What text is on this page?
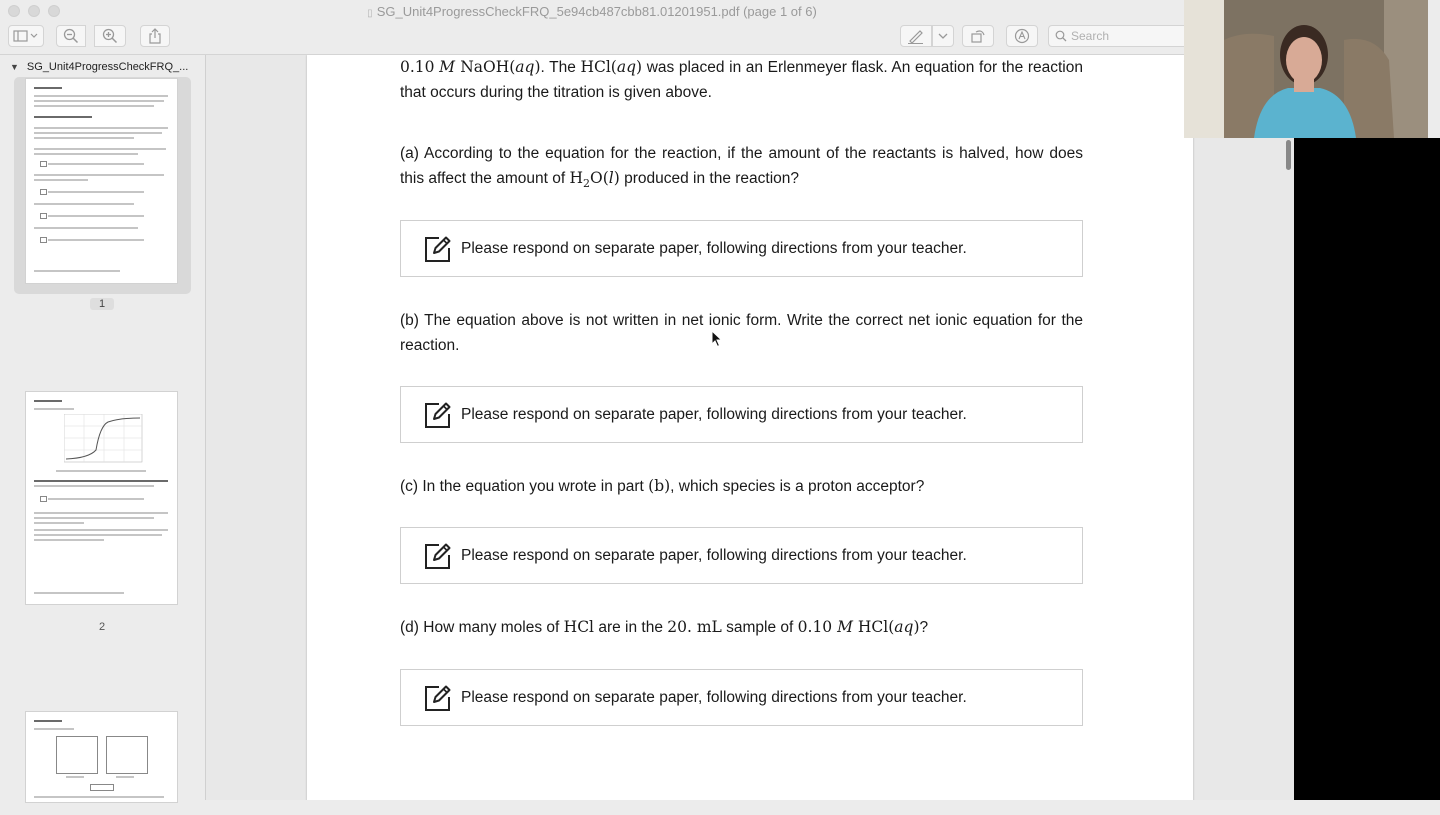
▯ SG_Unit4ProgressCheckFRQ_5e94cb487cbb81.01201951.pdf (page 1 of 6)
Search
▼ SG_Unit4ProgressCheckFRQ_...
1
2
0.10 M NaOH(aq). The HCl(aq) was placed in an Erlenmeyer flask. An equation for the reaction that occurs during the titration is given above.
(a) According to the equation for the reaction, if the amount of the reactants is halved, how does this affect the amount of $H_2O(l)$ produced in the reaction?
Please respond on separate paper, following directions from your teacher.
(b) The equation above is not written in net ionic form. Write the correct net ionic equation for the reaction.
Please respond on separate paper, following directions from your teacher.
(c) In the equation you wrote in part (b), which species is a proton acceptor?
Please respond on separate paper, following directions from your teacher.
(d) How many moles of HCl are in the 20. mL sample of 0.10 M HCl(aq)?
Please respond on separate paper, following directions from your teacher.
